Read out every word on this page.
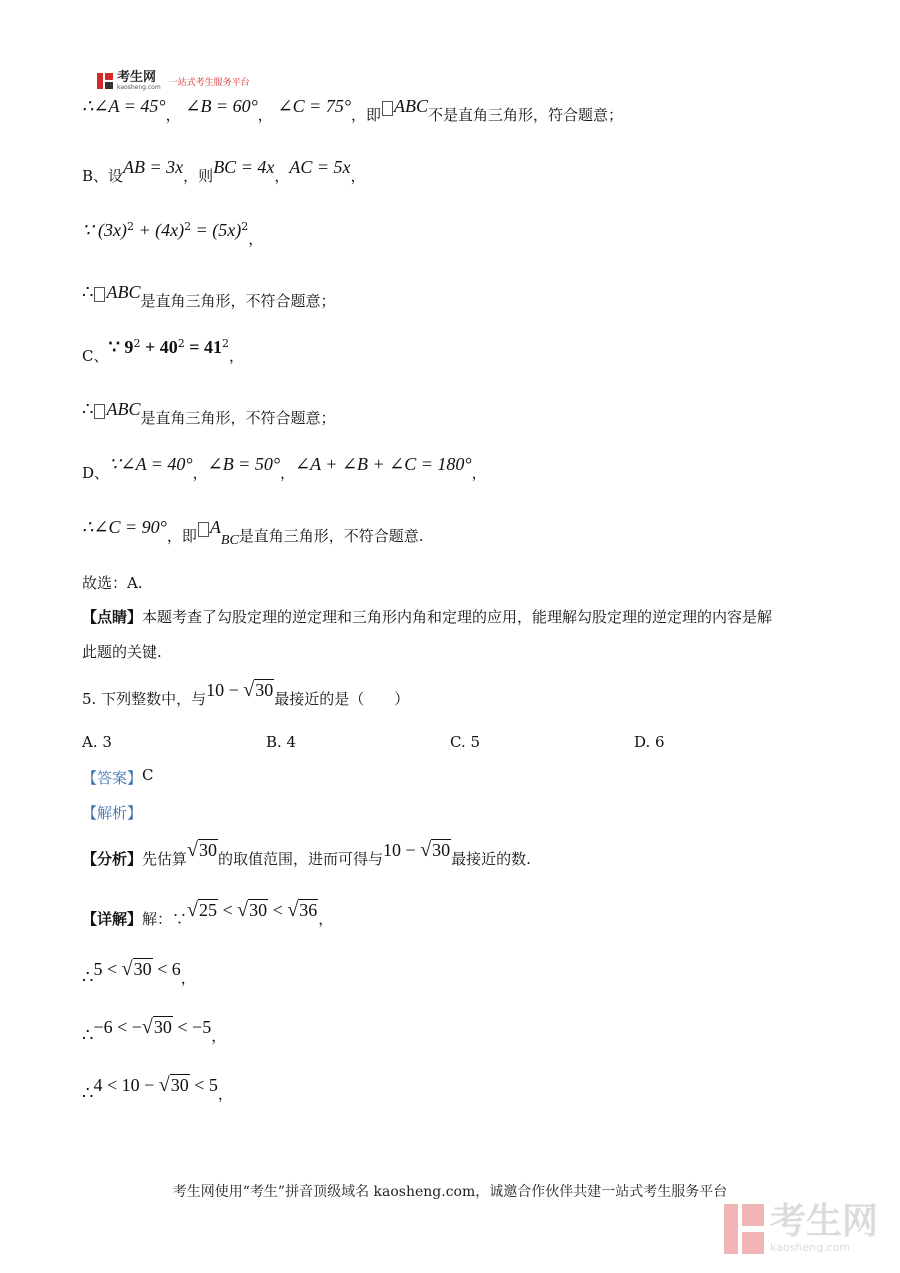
考生网
kaosheng.com 一站式考生服务平台
∴∠A = 45°， ∠B = 60°， ∠C = 75°，即 ABC不是直角三角形，符合题意；
B、设AB = 3x，则BC = 4x，AC = 5x，
∵ $(3x)^2 + (4x)^2 = (5x)^2$，
∴ ABC是直角三角形，不符合题意；
C、∵ $9^2 + 40^2 = 41^2$，
∴ ABC是直角三角形，不符合题意；
D、∵∠A = 40°，∠B = 50°，∠A + ∠B + ∠C = 180°，
∴∠C = 90°，即 ABC是直角三角形，不符合题意.
故选：A.
【点睛】本题考查了勾股定理的逆定理和三角形内角和定理的应用，能理解勾股定理的逆定理的内容是解
此题的关键.
5. 下列整数中，与10 − √30最接近的是（　　）
A. 3	B. 4	C. 5	D. 6
【答案】C
【解析】
【分析】先估算√30的取值范围，进而可得与10 − √30最接近的数.
【详解】解：∵√25 < √30 < √36，
∴5 < √30 < 6，
∴−6 < −√30 < −5，
∴4 < 10 − √30 < 5，
考生网使用“考生”拼音顶级域名 kaosheng.com，诚邀合作伙伴共建一站式考生服务平台
考生网
kaosheng.com
